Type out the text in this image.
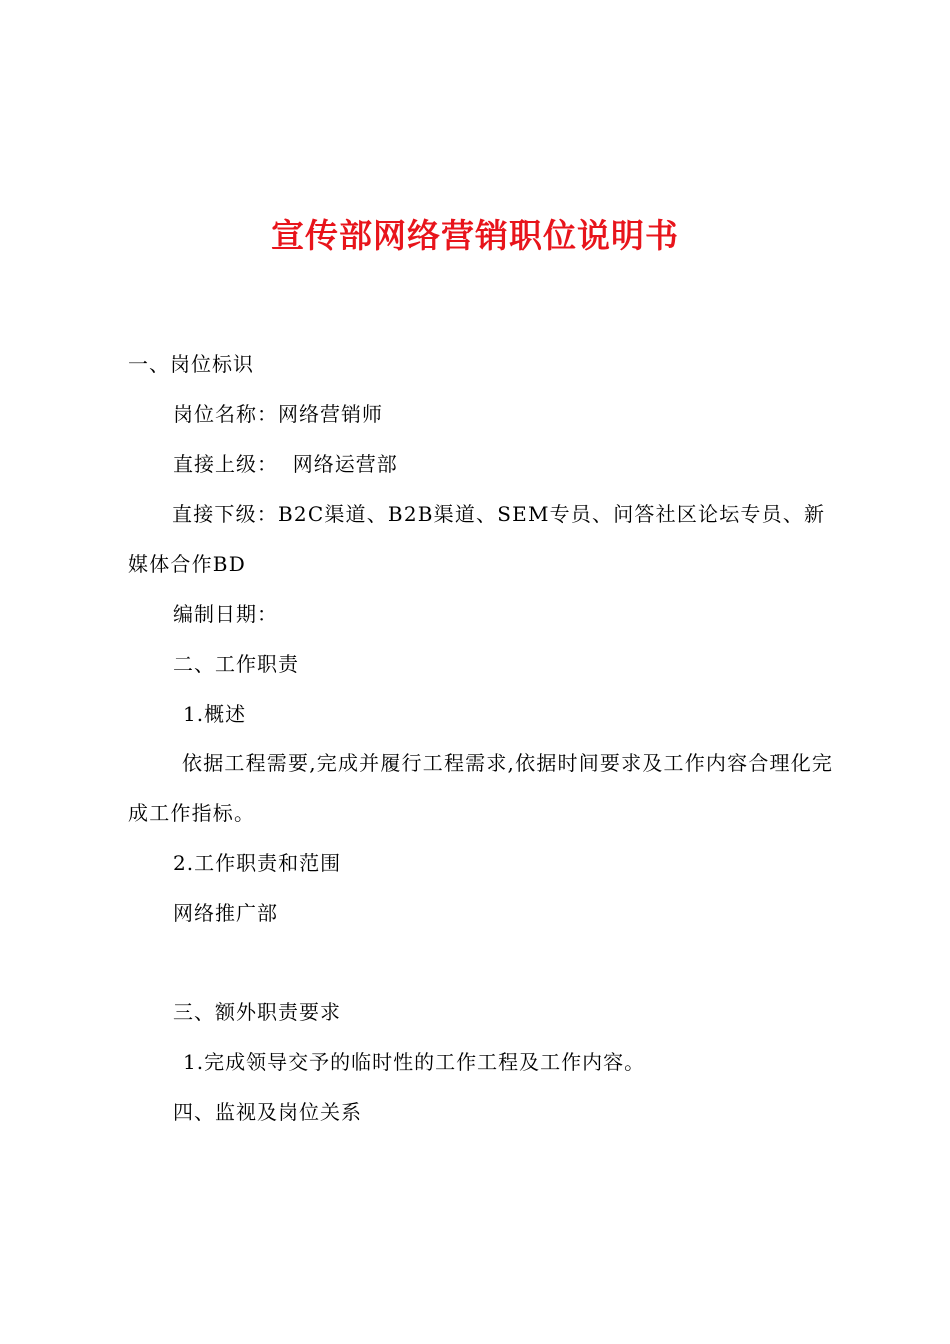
宣传部网络营销职位说明书
一、岗位标识
岗位名称：网络营销师
直接上级：  网络运营部
直接下级：B2C渠道、B2B渠道、SEM专员、问答社区论坛专员、新媒体合作BD
编制日期：
二、工作职责
1.概述
依据工程需要,完成并履行工程需求,依据时间要求及工作内容合理化完成工作指标。
2.工作职责和范围
网络推广部
三、额外职责要求
1.完成领导交予的临时性的工作工程及工作内容。
四、监视及岗位关系
